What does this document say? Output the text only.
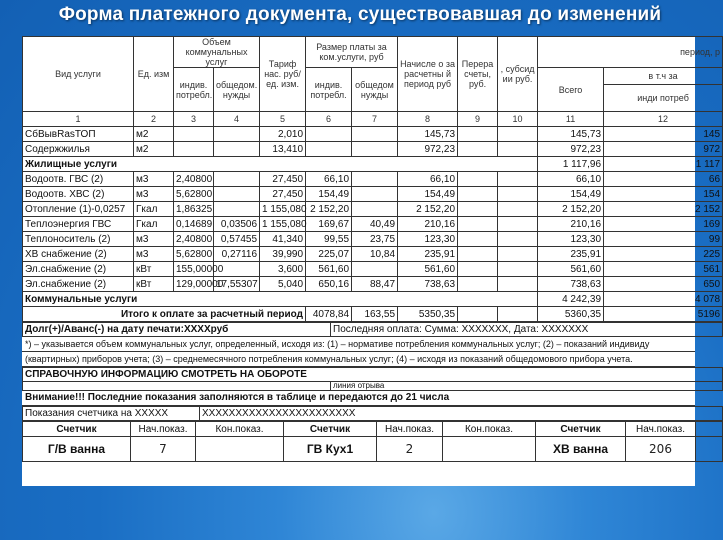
Форма платежного документа, существовавшая до изменений
Вид услуги	Ед. изм	Объем коммунальных услуг		Тариф нас. руб/ед. изм.	Размер платы за ком.услуги, руб		Начисле о за расчетны й период руб	Перера счеты, руб.	, субсид ии руб.	период, р	
		индив. потребл.	общедом. нужды		индив. потребл.	общедом нужды				Всего	в т.ч за
											инди потреб
1	2	3	4	5	6	7	8	9	10	11	12
СбВывRasТОП	м2			2,010			145,73			145,73	145
Содержжилья	м2			13,410			972,23			972,23	972
Жилищные услуги										1 117,96	1 117
Водоотв. ГВС (2)	м3	2,40800		27,450	66,10		66,10			66,10	66
Водоотв. ХВС (2)	м3	5,62800		27,450	154,49		154,49			154,49	154
Отопление (1)-0,0257	Гкал	1,86325		1 155,080	2 152,20		2 152,20			2 152,20	2 152
Теплоэнергия ГВС	Гкал	0,14689	0,03506	1 155,080	169,67	40,49	210,16			210,16	169
Теплоноситель (2)	м3	2,40800	0,57455	41,340	99,55	23,75	123,30			123,30	99
ХВ снабжение (2)	м3	5,62800	0,27116	39,990	225,07	10,84	235,91			235,91	225
Эл.снабжение (2)	кВт	155,00000		3,600	561,60		561,60			561,60	561
Эл.снабжение (2)	кВт	129,00000	17,55307	5,040	650,16	88,47	738,63			738,63	650
Коммунальные услуги										4 242,39	4 078
Итого к оплате за расчетный период					4078,84	163,55	5350,35			5360,35	5196
Долг(+)/Аванс(-) на дату печати:XXXXруб	Последняя оплата: Сумма: XXXXXXX, Дата: XXXXXXX
*) – указывается объем коммунальных услуг, определенный, исходя из: (1) – нормативе потребления коммунальных услуг; (2) – показаний индивиду
(квартирных) приборов учета; (3) – среднемесячного потребления коммунальных услуг; (4) – исходя из показаний общедомового прибора учета.
СПРАВОЧНУЮ ИНФОРМАЦИЮ СМОТРЕТЬ НА ОБОРОТЕ	
	линия отрыва
Внимание!!! Последние показания заполняются в таблице и передаются до 21 числа
Показания счетчика на XXXXX	XXXXXXXXXXXXXXXXXXXXXXX	
Счетчик	Нач.показ.	Кон.показ.	Счетчик	Нач.показ.	Кон.показ.	Счетчик	Нач.показ.	
Г/В ванна	7		ГВ Кух1	2		ХВ ванна	206	
